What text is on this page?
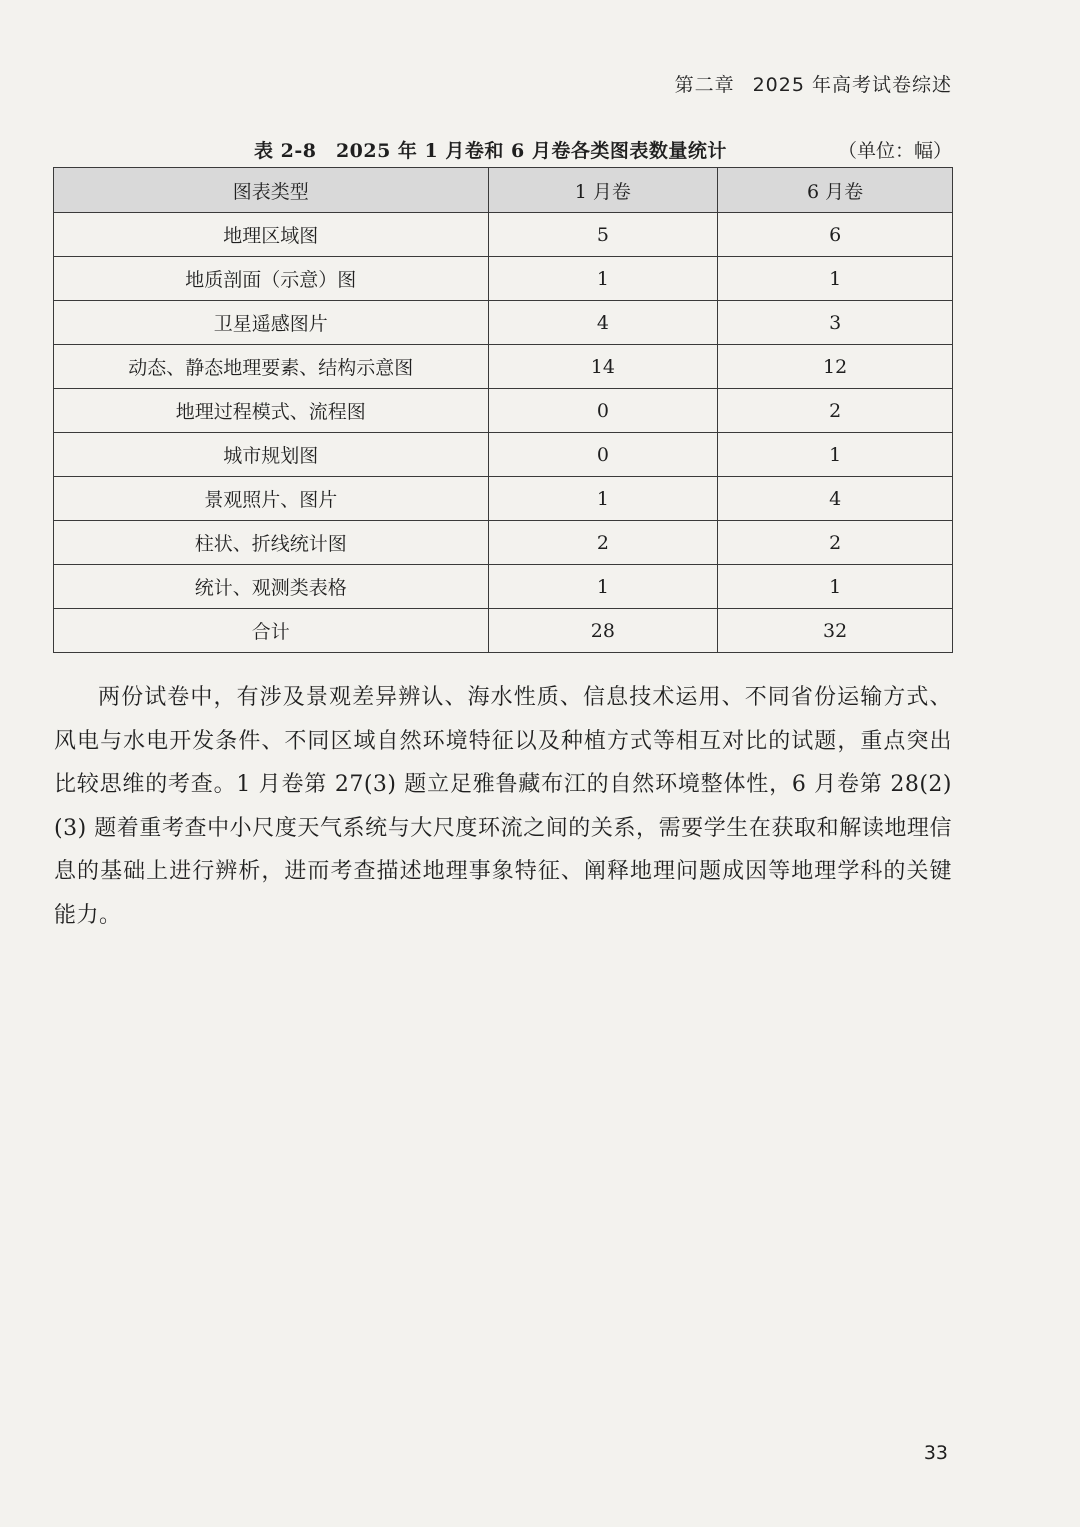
第二章 2025 年高考试卷综述
表 2-8　2025 年 1 月卷和 6 月卷各类图表数量统计	（单位：幅）
图表类型	1 月卷	6 月卷
地理区域图	5	6
地质剖面（示意）图	1	1
卫星遥感图片	4	3
动态、静态地理要素、结构示意图	14	12
地理过程模式、流程图	0	2
城市规划图	0	1
景观照片、图片	1	4
柱状、折线统计图	2	2
统计、观测类表格	1	1
合计	28	32

两份试卷中，有涉及景观差异辨认、海水性质、信息技术运用、不同省份运输方式、风电与水电开发条件、不同区域自然环境特征以及种植方式等相互对比的试题，重点突出比较思维的考查。1 月卷第 27(3) 题立足雅鲁藏布江的自然环境整体性，6 月卷第 28(2)(3) 题着重考查中小尺度天气系统与大尺度环流之间的关系，需要学生在获取和解读地理信息的基础上进行辨析，进而考查描述地理事象特征、阐释地理问题成因等地理学科的关键能力。

33
